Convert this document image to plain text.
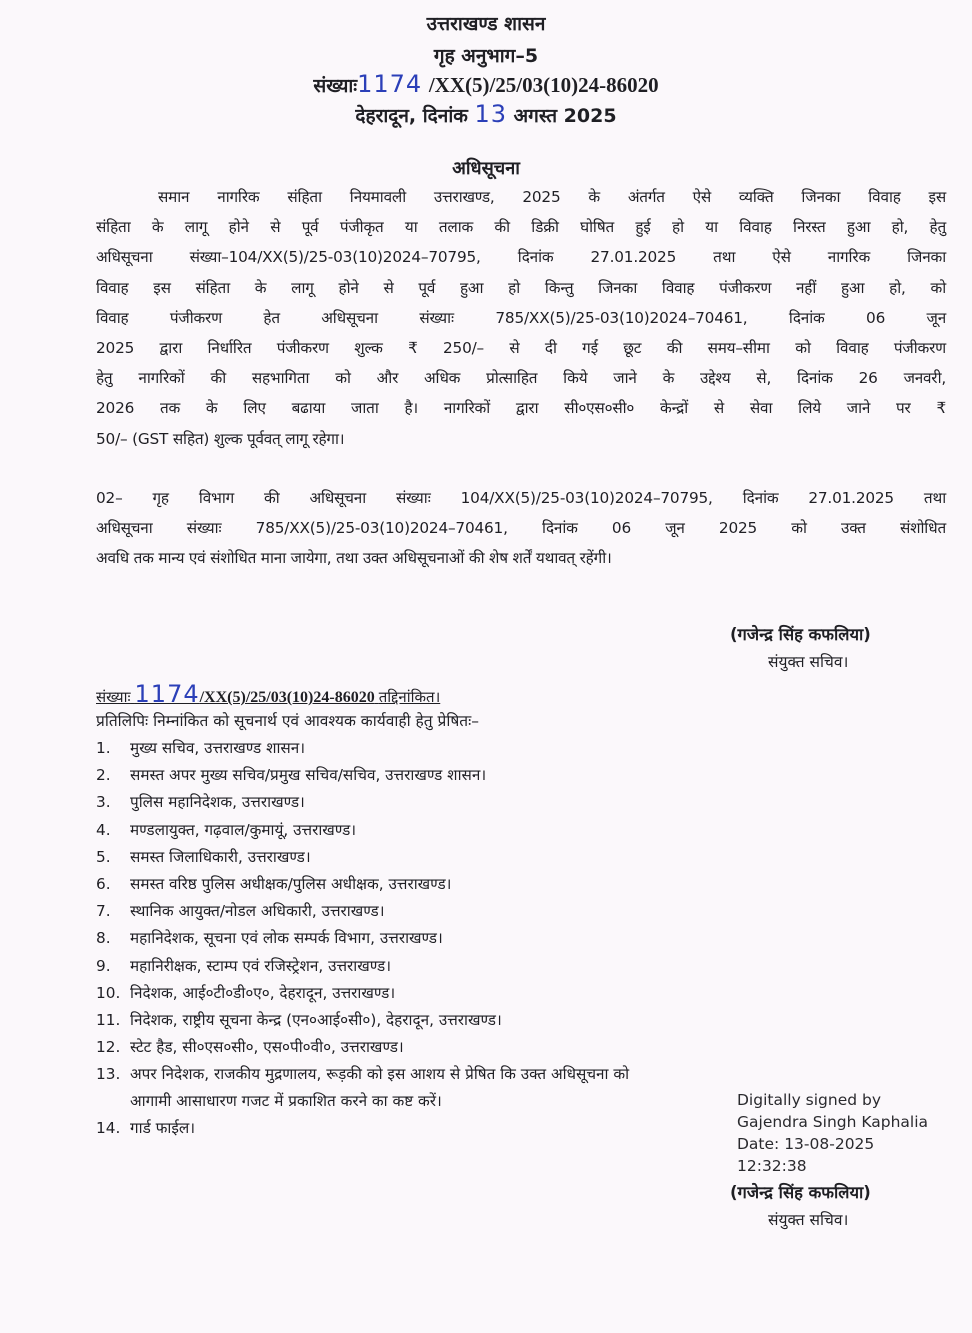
उत्तराखण्ड शासन
गृह अनुभाग–5
संख्याः1174 /XX(5)/25/03(10)24-86020
देहरादून, दिनांक 13 अगस्त 2025
अधिसूचना
समान नागरिक संहिता नियमावली उत्तराखण्ड, 2025 के अंतर्गत ऐसे व्यक्ति जिनका विवाह इस
संहिता के लागू होने से पूर्व पंजीकृत या तलाक की डिक्री घोषित हुई हो या विवाह निरस्त हुआ हो, हेतु
अधिसूचना संख्या–104/XX(5)/25-03(10)2024–70795, दिनांक 27.01.2025 तथा ऐसे नागरिक जिनका
विवाह इस संहिता के लागू होने से पूर्व हुआ हो किन्तु जिनका विवाह पंजीकरण नहीं हुआ हो, को
विवाह पंजीकरण हेत अधिसूचना संख्याः 785/XX(5)/25-03(10)2024–70461, दिनांक 06 जून
2025 द्वारा निर्धारित पंजीकरण शुल्क ₹ 250/– से दी गई छूट की समय–सीमा को विवाह पंजीकरण
हेतु नागरिकों की सहभागिता को और अधिक प्रोत्साहित किये जाने के उद्देश्य से, दिनांक 26 जनवरी,
2026 तक के लिए बढाया जाता है। नागरिकों द्वारा सी०एस०सी० केन्द्रों से सेवा लिये जाने पर ₹
50/– (GST सहित) शुल्क पूर्ववत् लागू रहेगा।
02– गृह विभाग की अधिसूचना संख्याः 104/XX(5)/25-03(10)2024–70795, दिनांक 27.01.2025 तथा
अधिसूचना संख्याः 785/XX(5)/25-03(10)2024–70461, दिनांक 06 जून 2025 को उक्त संशोधित
अवधि तक मान्य एवं संशोधित माना जायेगा, तथा उक्त अधिसूचनाओं की शेष शर्तें यथावत् रहेंगी।
(गजेन्द्र सिंह कफलिया)
संयुक्त सचिव।
संख्याः 1174/XX(5)/25/03(10)24-86020 तद्दिनांकित।
प्रतिलिपिः निम्नांकित को सूचनार्थ एवं आवश्यक कार्यवाही हेतु प्रेषितः–
1. मुख्य सचिव, उत्तराखण्ड शासन।
2. समस्त अपर मुख्य सचिव/प्रमुख सचिव/सचिव, उत्तराखण्ड शासन।
3. पुलिस महानिदेशक, उत्तराखण्ड।
4. मण्डलायुक्त, गढ़वाल/कुमायूं, उत्तराखण्ड।
5. समस्त जिलाधिकारी, उत्तराखण्ड।
6. समस्त वरिष्ठ पुलिस अधीक्षक/पुलिस अधीक्षक, उत्तराखण्ड।
7. स्थानिक आयुक्त/नोडल अधिकारी, उत्तराखण्ड।
8. महानिदेशक, सूचना एवं लोक सम्पर्क विभाग, उत्तराखण्ड।
9. महानिरीक्षक, स्टाम्प एवं रजिस्ट्रेशन, उत्तराखण्ड।
10. निदेशक, आई०टी०डी०ए०, देहरादून, उत्तराखण्ड।
11. निदेशक, राष्ट्रीय सूचना केन्द्र (एन०आई०सी०), देहरादून, उत्तराखण्ड।
12. स्टेट हैड, सी०एस०सी०, एस०पी०वी०, उत्तराखण्ड।
13. अपर निदेशक, राजकीय मुद्रणालय, रूड़की को इस आशय से प्रेषित कि उक्त अधिसूचना को
आगामी आसाधारण गजट में प्रकाशित करने का कष्ट करें।
14. गार्ड फाईल।
Digitally signed by
Gajendra Singh Kaphalia
Date: 13-08-2025
12:32:38
(गजेन्द्र सिंह कफलिया)
संयुक्त सचिव।
